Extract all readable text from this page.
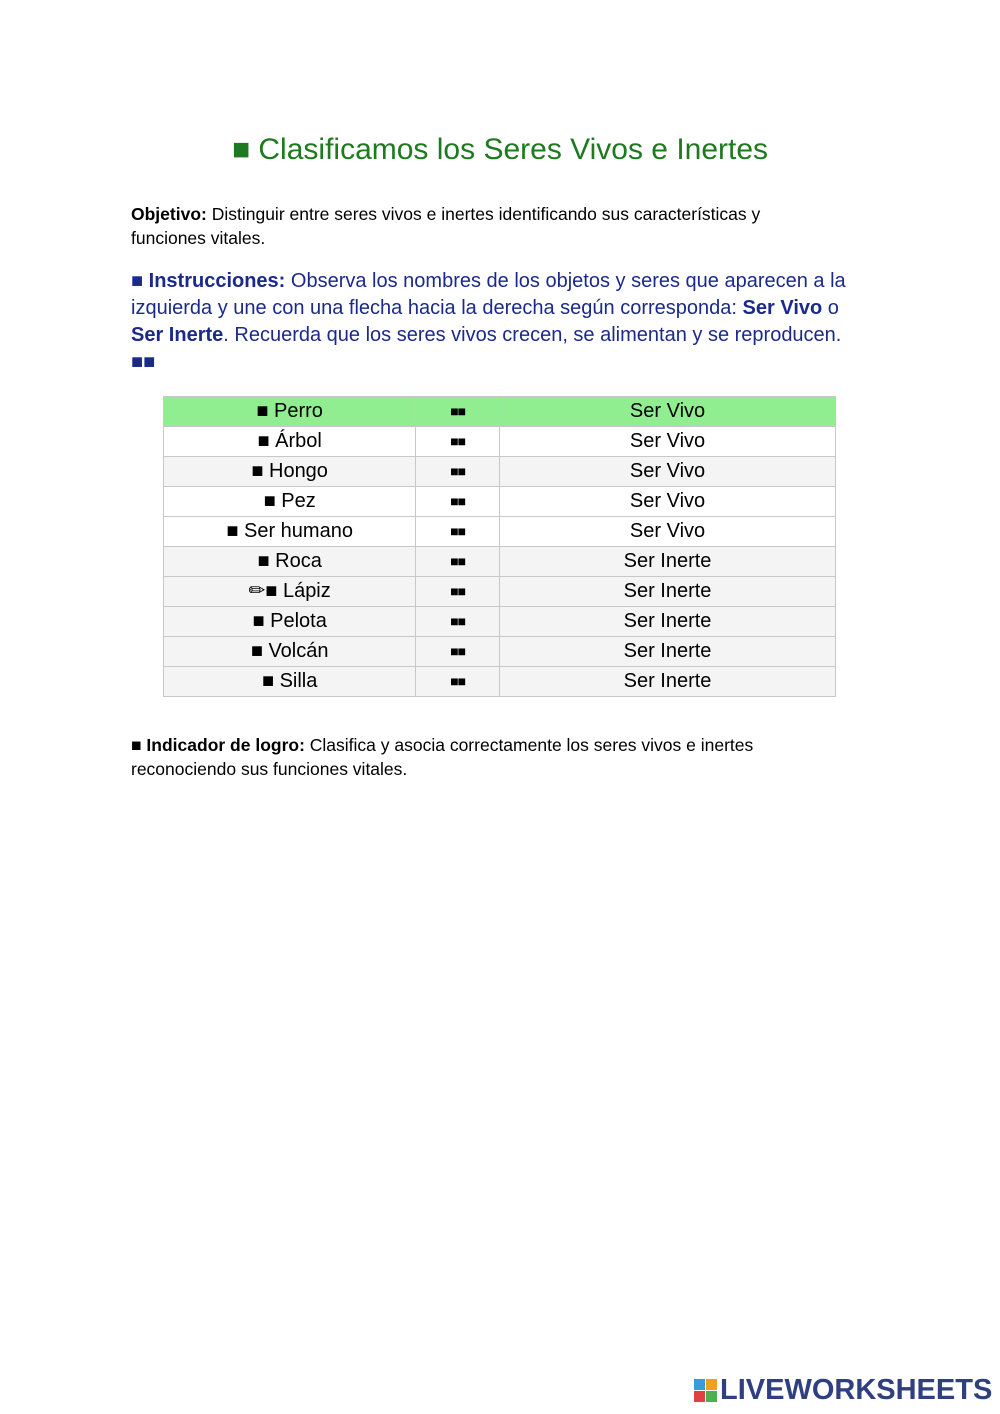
■ Clasificamos los Seres Vivos e Inertes

Objetivo: Distinguir entre seres vivos e inertes identificando sus características y funciones vitales.

■ Instrucciones: Observa los nombres de los objetos y seres que aparecen a la izquierda y une con una flecha hacia la derecha según corresponda: Ser Vivo o Ser Inerte. Recuerda que los seres vivos crecen, se alimentan y se reproducen. ■■

■ Perro	■■	Ser Vivo
■ Árbol	■■	Ser Vivo
■ Hongo	■■	Ser Vivo
■ Pez	■■	Ser Vivo
■ Ser humano	■■	Ser Vivo
■ Roca	■■	Ser Inerte
✏■ Lápiz	■■	Ser Inerte
■ Pelota	■■	Ser Inerte
■ Volcán	■■	Ser Inerte
■ Silla	■■	Ser Inerte

■ Indicador de logro: Clasifica y asocia correctamente los seres vivos e inertes reconociendo sus funciones vitales.

LIVEWORKSHEETS
